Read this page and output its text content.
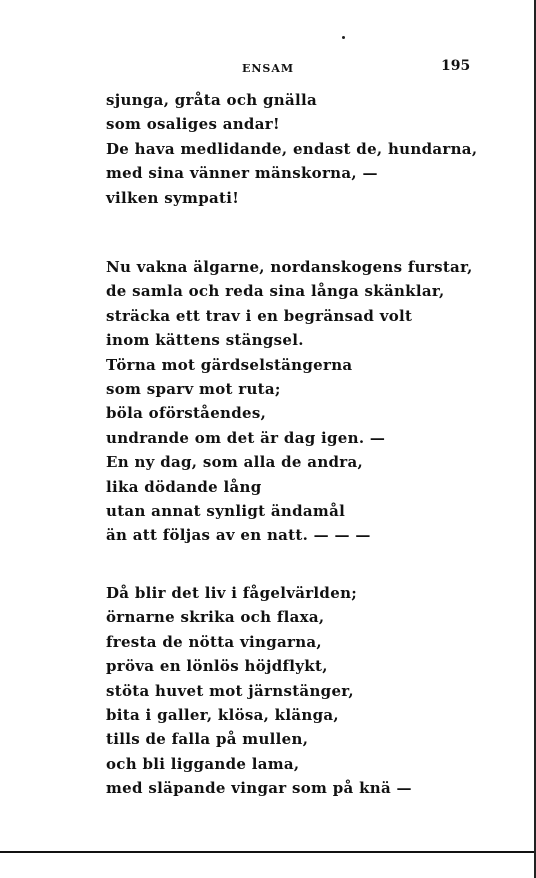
ENSAM	195
sjunga, gråta och gnälla
som osaliges andar!
De hava medlidande, endast de, hundarna,
med sina vänner mänskorna, —
vilken sympati!
Nu vakna älgarne, nordanskogens furstar,
de samla och reda sina långa skänklar,
sträcka ett trav i en begränsad volt
inom kättens stängsel.
Törna mot gärdselstängerna
som sparv mot ruta;
böla oförståendes,
undrande om det är dag igen. —
En ny dag, som alla de andra,
lika dödande lång
utan annat synligt ändamål
än att följas av en natt. — — —
Då blir det liv i fågelvärlden;
örnarne skrika och flaxa,
fresta de nötta vingarna,
pröva en lönlös höjdflykt,
stöta huvet mot järnstänger,
bita i galler, klösa, klänga,
tills de falla på mullen,
och bli liggande lama,
med släpande vingar som på knä —
